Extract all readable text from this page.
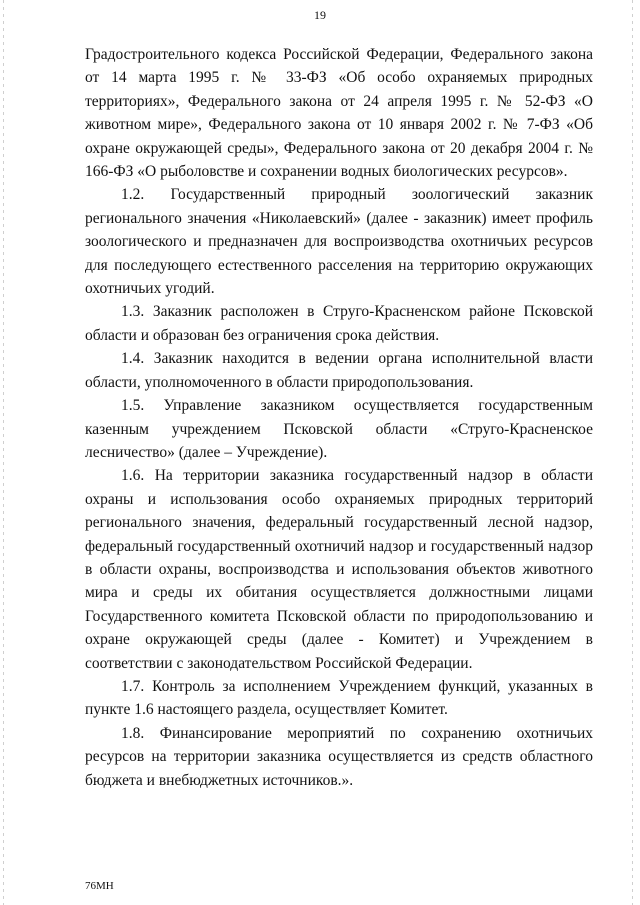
19

Градостроительного кодекса Российской Федерации, Федерального закона от 14 марта 1995 г. № 33-ФЗ «Об особо охраняемых природных территориях», Федерального закона от 24 апреля 1995 г. № 52-ФЗ «О животном мире», Федерального закона от 10 января 2002 г. № 7-ФЗ «Об охране окружающей среды», Федерального закона от 20 декабря 2004 г. № 166-ФЗ «О рыболовстве и сохранении водных биологических ресурсов».

1.2. Государственный природный зоологический заказник регионального значения «Николаевский» (далее - заказник) имеет профиль зоологического и предназначен для воспроизводства охотничьих ресурсов для последующего естественного расселения на территорию окружающих охотничьих угодий.

1.3. Заказник расположен в Струго-Красненском районе Псковской области и образован без ограничения срока действия.

1.4. Заказник находится в ведении органа исполнительной власти области, уполномоченного в области природопользования.

1.5. Управление заказником осуществляется государственным казенным учреждением Псковской области «Струго-Красненское лесничество» (далее – Учреждение).

1.6. На территории заказника государственный надзор в области охраны и использования особо охраняемых природных территорий регионального значения, федеральный государственный лесной надзор, федеральный государственный охотничий надзор и государственный надзор в области охраны, воспроизводства и использования объектов животного мира и среды их обитания осуществляется должностными лицами Государственного комитета Псковской области по природопользованию и охране окружающей среды (далее - Комитет) и Учреждением в соответствии с законодательством Российской Федерации.

1.7. Контроль за исполнением Учреждением функций, указанных в пункте 1.6 настоящего раздела, осуществляет Комитет.

1.8. Финансирование мероприятий по сохранению охотничьих ресурсов на территории заказника осуществляется из средств областного бюджета и внебюджетных источников.».

76МН
